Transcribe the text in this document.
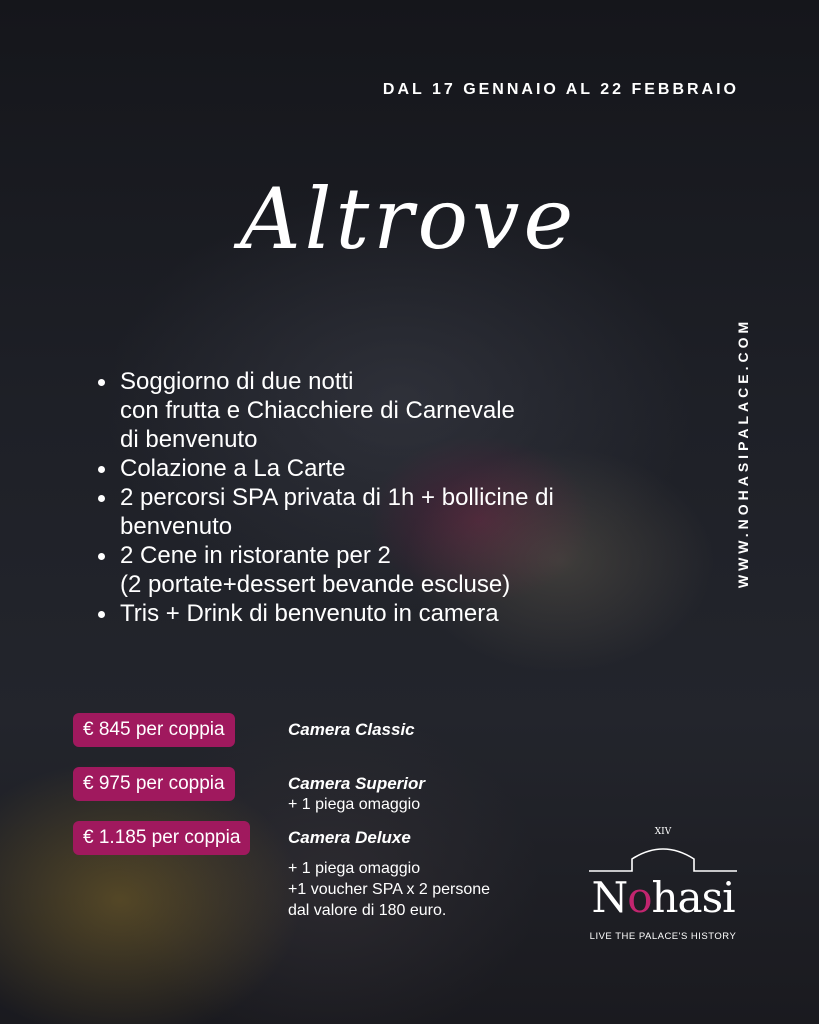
DAL 17 GENNAIO AL 22 FEBBRAIO
Altrove
WWW.NOHASIPALACE.COM
Soggiorno di due notti
con frutta e Chiacchiere di Carnevale
di benvenuto
Colazione a La Carte
2 percorsi SPA privata di 1h + bollicine di
benvenuto
2 Cene in ristorante per 2
(2 portate+dessert bevande escluse)
Tris + Drink di benvenuto in camera
€ 845 per coppia	Camera Classic
€ 975 per coppia	Camera Superior
+ 1 piega omaggio
€ 1.185 per coppia	Camera Deluxe
+ 1 piega omaggio
+1 voucher SPA x 2 persone
dal valore di 180 euro.
XIV
Nohasi
LIVE THE PALACE'S HISTORY
